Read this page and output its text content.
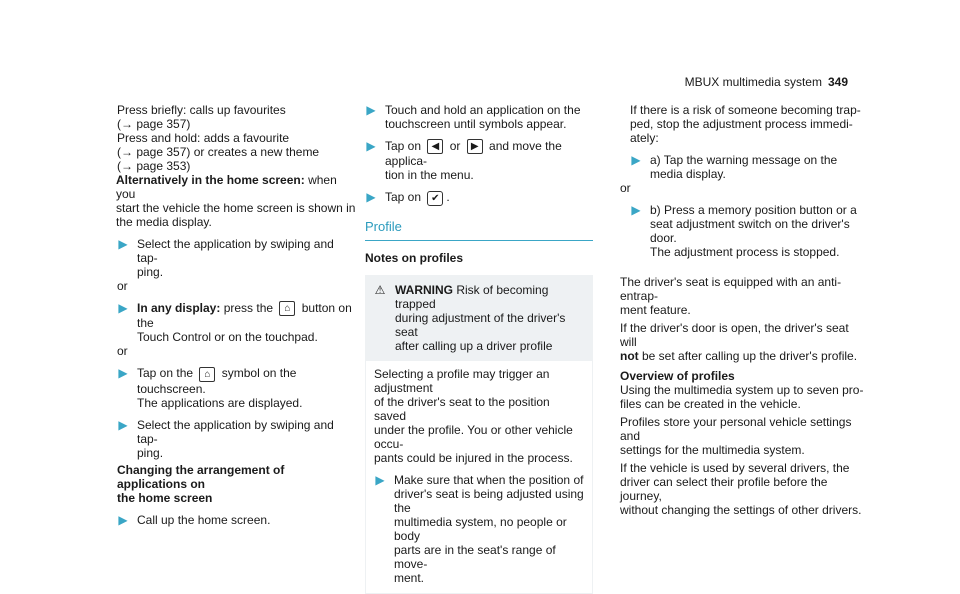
MBUX multimedia system 349
Press briefly: calls up favourites
(→ page 357)
Press and hold: adds a favourite
(→ page 357) or creates a new theme
(→ page 353)
Alternatively in the home screen: when you
start the vehicle the home screen is shown in
the media display.
▶ Select the application by swiping and tap-
ping.
or
▶ In any display: press the ⌂ button on the
Touch Control or on the touchpad.
or
▶ Tap on the ⌂ symbol on the touchscreen.
The applications are displayed.
▶ Select the application by swiping and tap-
ping.
Changing the arrangement of applications on
the home screen
▶ Call up the home screen.
▶ Touch and hold an application on the
touchscreen until symbols appear.
▶ Tap on ◀ or ▶ and move the applica-
tion in the menu.
▶ Tap on ✔ .
Profile
Notes on profiles
⚠ WARNING Risk of becoming trapped
during adjustment of the driver's seat
after calling up a driver profile
Selecting a profile may trigger an adjustment
of the driver's seat to the position saved
under the profile. You or other vehicle occu-
pants could be injured in the process.
▶ Make sure that when the position of
driver's seat is being adjusted using the
multimedia system, no people or body
parts are in the seat's range of move-
ment.
If there is a risk of someone becoming trap-
ped, stop the adjustment process immedi-
ately:
▶ a) Tap the warning message on the
media display.
or
▶ b) Press a memory position button or a
seat adjustment switch on the driver's
door.
The adjustment process is stopped.
The driver's seat is equipped with an anti-entrap-
ment feature.
If the driver's door is open, the driver's seat will
not be set after calling up the driver's profile.
Overview of profiles
Using the multimedia system up to seven pro-
files can be created in the vehicle.
Profiles store your personal vehicle settings and
settings for the multimedia system.
If the vehicle is used by several drivers, the
driver can select their profile before the journey,
without changing the settings of other drivers.
